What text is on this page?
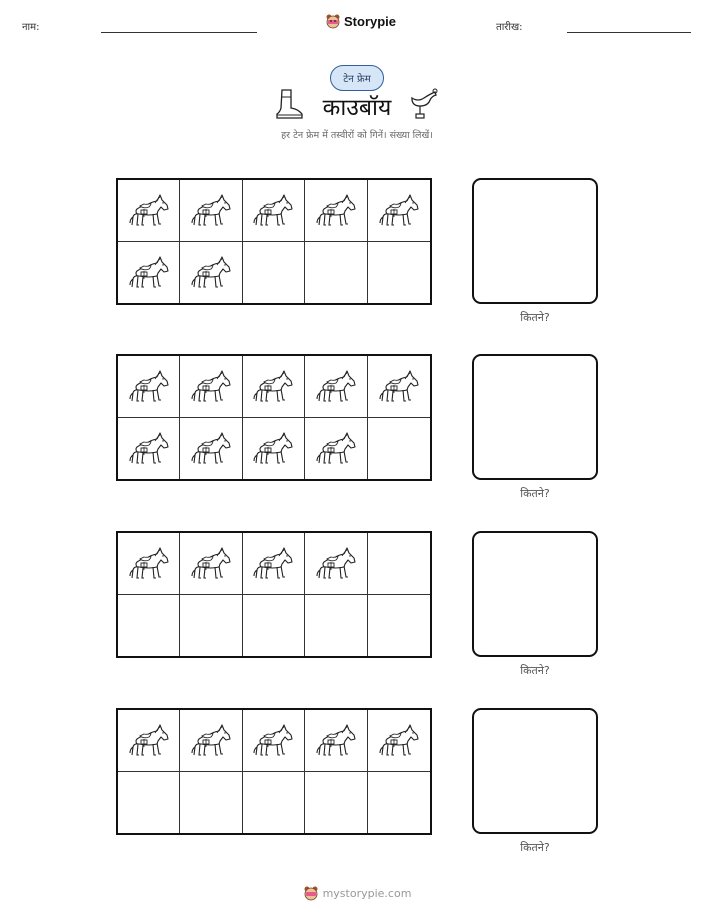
नाम:	Storypie	तारीख:
टेन फ्रेम
काउबॉय
हर टेन फ्रेम में तस्वीरों को गिनें। संख्या लिखें।
कितने?
कितने?
कितने?
कितने?
mystorypie.com
